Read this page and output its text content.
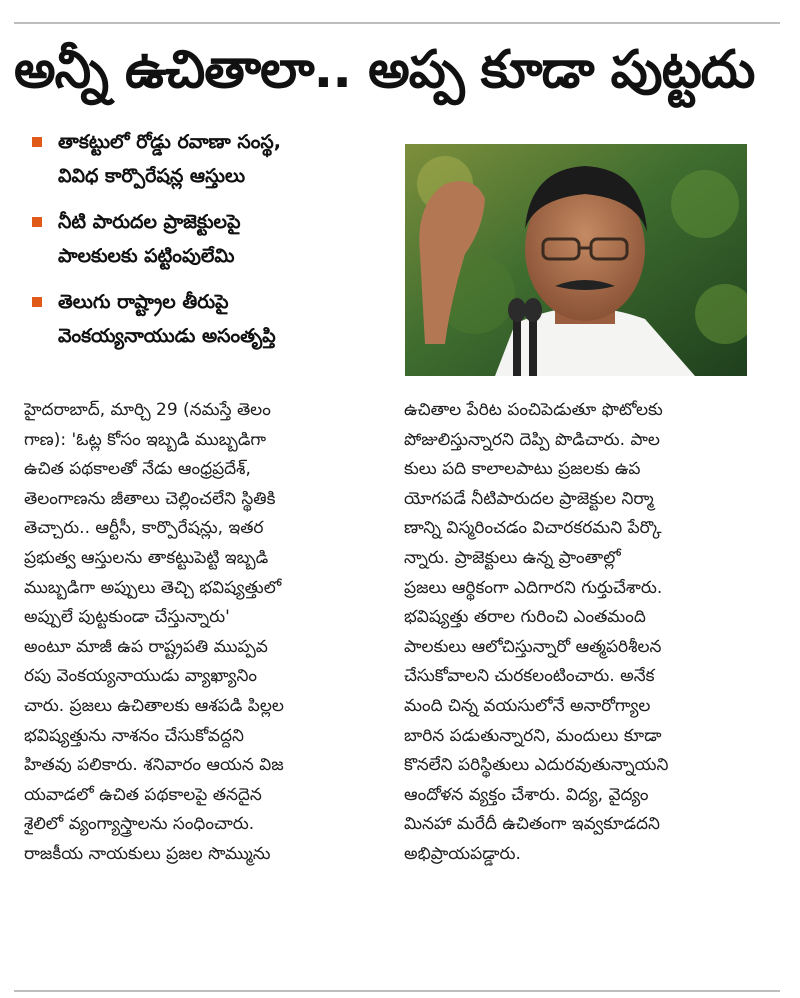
అన్నీ ఉచితాలా.. అప్ప కూడా పుట్టదు
తాకట్టులో రోడ్డు రవాణా సంస్థ,
వివిధ కార్పొరేషన్ల ఆస్తులు
నీటి పారుదల ప్రాజెక్టులపై
పాలకులకు పట్టింపులేమి
తెలుగు రాష్ట్రాల తీరుపై
వెంకయ్యనాయుడు అసంతృప్తి
హైదరాబాద్, మార్చి 29 (నమస్తే తెలం
గాణ): 'ఓట్ల కోసం ఇబ్బడి ముబ్బడిగా
ఉచిత పథకాలతో నేడు ఆంధ్రప్రదేశ్,
తెలంగాణను జీతాలు చెల్లించలేని స్థితికి
తెచ్చారు.. ఆర్టీసీ, కార్పొరేషన్లు, ఇతర
ప్రభుత్వ ఆస్తులను తాకట్టుపెట్టి ఇబ్బడి
ముబ్బడిగా అప్పులు తెచ్చి భవిష్యత్తులో
అప్పులే పుట్టకుండా చేస్తున్నారు'
అంటూ మాజీ ఉప రాష్ట్రపతి ముప్పవ
రపు వెంకయ్యనాయుడు వ్యాఖ్యానిం
చారు. ప్రజలు ఉచితాలకు ఆశపడి పిల్లల
భవిష్యత్తును నాశనం చేసుకోవద్దని
హితవు పలికారు. శనివారం ఆయన విజ
యవాడలో ఉచిత పథకాలపై తనదైన
శైలిలో వ్యంగ్యాస్త్రాలను సంధించారు.
రాజకీయ నాయకులు ప్రజల సొమ్మును
ఉచితాల పేరిట పంచిపెడుతూ ఫొటోలకు
పోజులిస్తున్నారని దెప్పి పొడిచారు. పాల
కులు పది కాలాలపాటు ప్రజలకు ఉప
యోగపడే నీటిపారుదల ప్రాజెక్టుల నిర్మా
ణాన్ని విస్మరించడం విచారకరమని పేర్కొ
న్నారు. ప్రాజెక్టులు ఉన్న ప్రాంతాల్లో
ప్రజలు ఆర్థికంగా ఎదిగారని గుర్తుచేశారు.
భవిష్యత్తు తరాల గురించి ఎంతమంది
పాలకులు ఆలోచిస్తున్నారో ఆత్మపరిశీలన
చేసుకోవాలని చురకలంటించారు. అనేక
మంది చిన్న వయసులోనే అనారోగ్యాల
బారిన పడుతున్నారని, మందులు కూడా
కొనలేని పరిస్థితులు ఎదురవుతున్నాయని
ఆందోళన వ్యక్తం చేశారు. విద్య, వైద్యం
మినహా మరేదీ ఉచితంగా ఇవ్వకూడదని
అభిప్రాయపడ్డారు.
